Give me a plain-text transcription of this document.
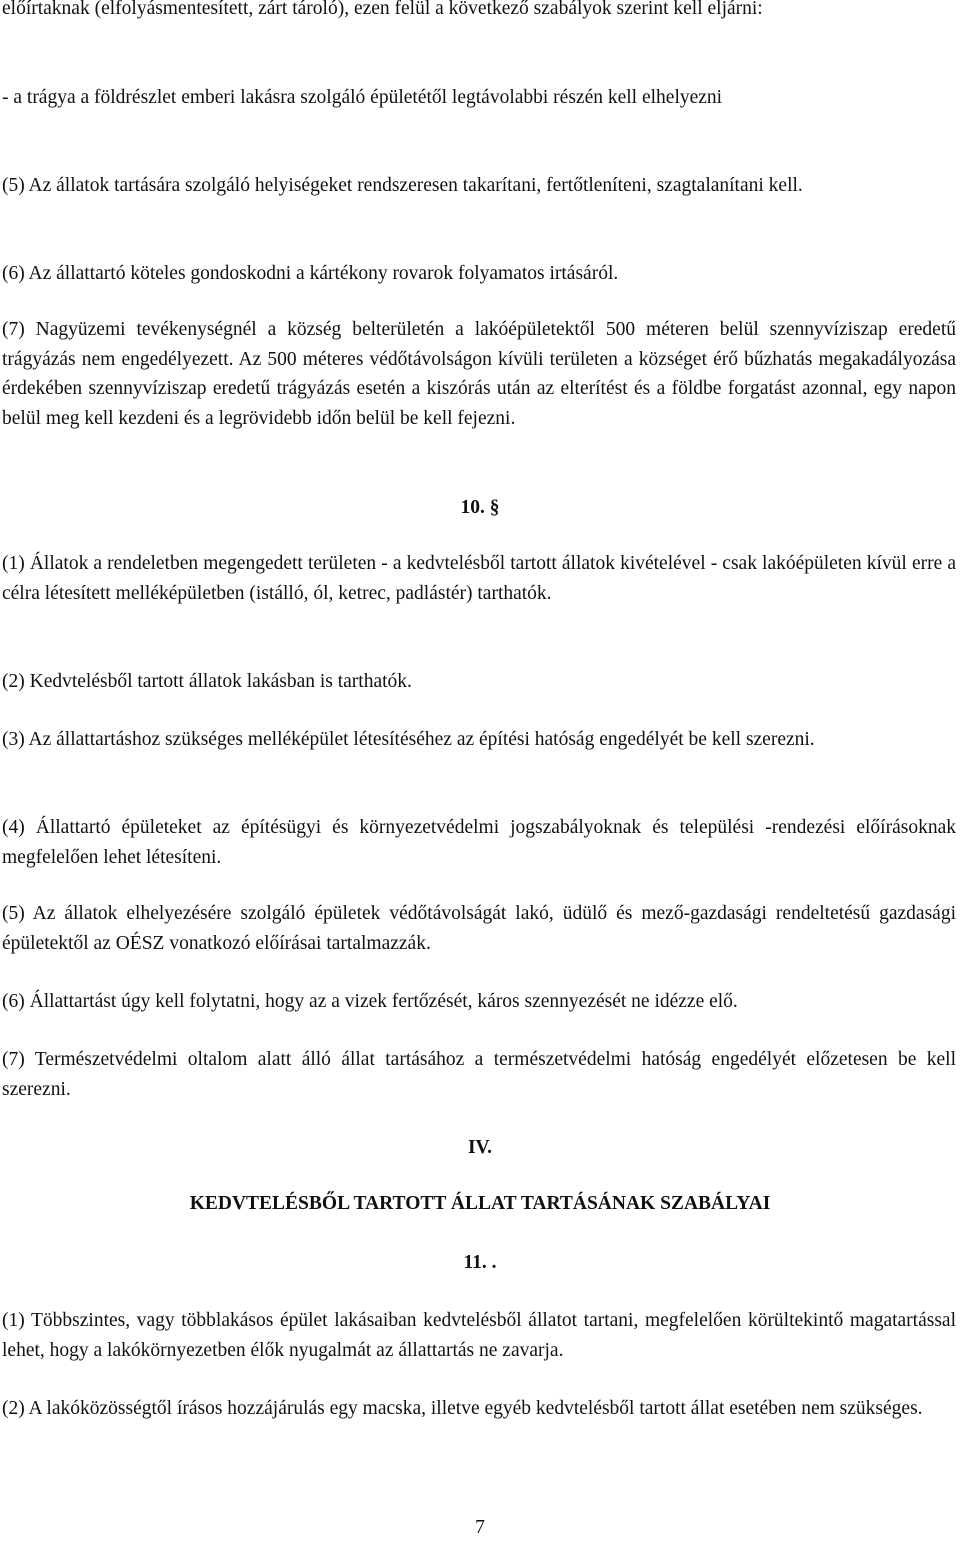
előírtaknak (elfolyásmentesített, zárt tároló), ezen felül a következő szabályok szerint kell eljárni:

- a trágya a földrészlet emberi lakásra szolgáló épületétől legtávolabbi részén kell elhelyezni

(5) Az állatok tartására szolgáló helyiségeket rendszeresen takarítani, fertőtleníteni, szagtalanítani kell.

(6) Az állattartó köteles gondoskodni a kártékony rovarok folyamatos irtásáról.

(7) Nagyüzemi tevékenységnél a község belterületén a lakóépületektől 500 méteren belül szennyvíziszap eredetű trágyázás nem engedélyezett. Az 500 méteres védőtávolságon kívüli területen a községet érő bűzhatás megakadályozása érdekében szennyvíziszap eredetű trágyázás esetén a kiszórás után az elterítést és a földbe forgatást azonnal, egy napon belül meg kell kezdeni és a legrövidebb időn belül be kell fejezni.

10. §

(1) Állatok a rendeletben megengedett területen - a kedvtelésből tartott állatok kivételével - csak lakóépületen kívül erre a célra létesített melléképületben (istálló, ól, ketrec, padlástér) tarthatók.

(2) Kedvtelésből tartott állatok lakásban is tarthatók.

(3) Az állattartáshoz szükséges melléképület létesítéséhez az építési hatóság engedélyét be kell szerezni.

(4) Állattartó épületeket az építésügyi és környezetvédelmi jogszabályoknak és települési -rendezési előírásoknak megfelelően lehet létesíteni.

(5) Az állatok elhelyezésére szolgáló épületek védőtávolságát lakó, üdülő és mező-gazdasági rendeltetésű gazdasági épületektől az OÉSZ vonatkozó előírásai tartalmazzák.

(6) Állattartást úgy kell folytatni, hogy az a vizek fertőzését, káros szennyezését ne idézze elő.

(7) Természetvédelmi oltalom alatt álló állat tartásához a természetvédelmi hatóság engedélyét előzetesen be kell szerezni.

IV.

KEDVTELÉSBŐL TARTOTT ÁLLAT TARTÁSÁNAK SZABÁLYAI

11. .

(1) Többszintes, vagy többlakásos épület lakásaiban kedvtelésből állatot tartani, megfelelően körültekintő magatartással lehet, hogy a lakókörnyezetben élők nyugalmát az állattartás ne zavarja.

(2) A lakóközösségtől írásos hozzájárulás egy macska, illetve egyéb kedvtelésből tartott állat esetében nem szükséges.

7
